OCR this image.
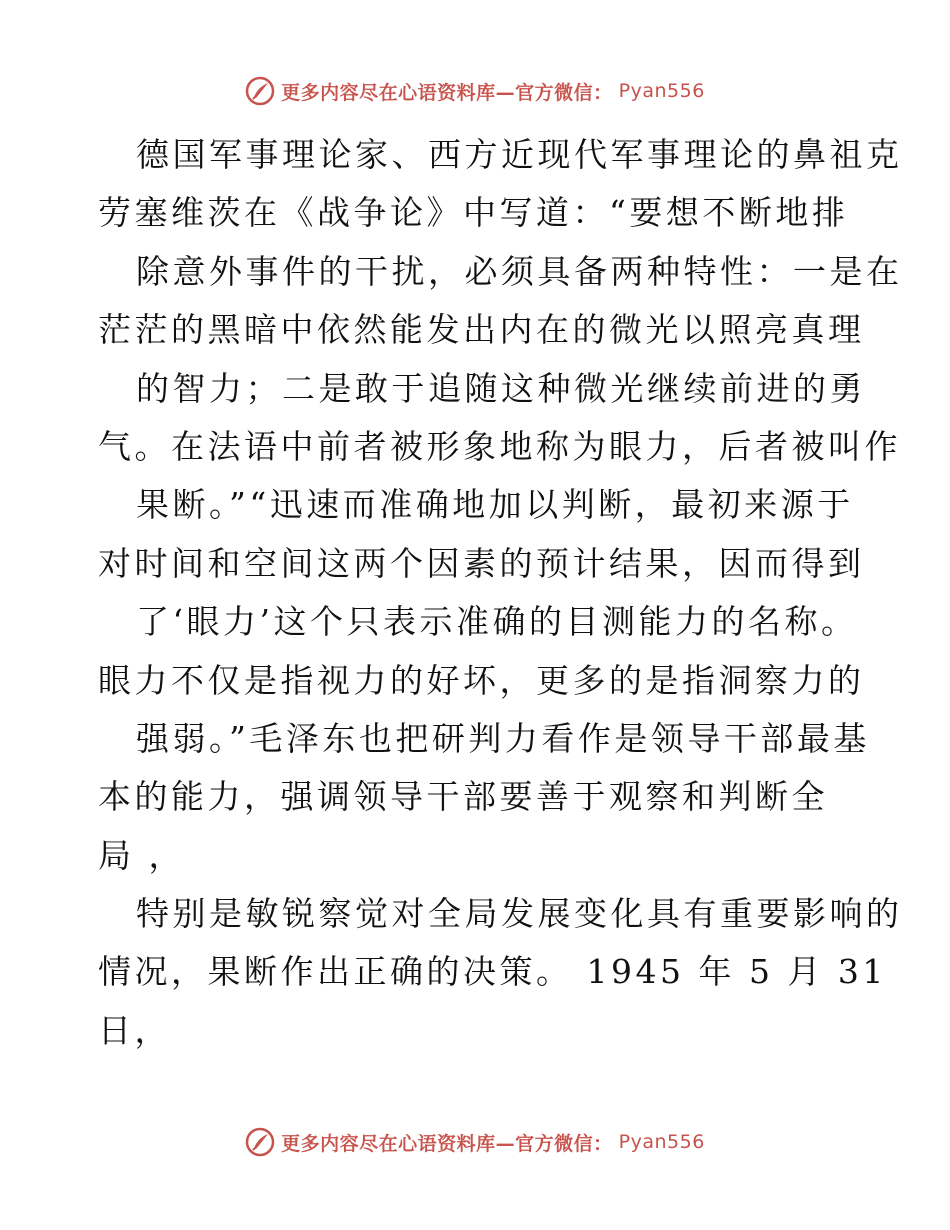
更多内容尽在心语资料库—官方微信： Pyan556
德国军事理论家、西方近现代军事理论的鼻祖克
劳塞维茨在《战争论》中写道：“要想不断地排
除意外事件的干扰，必须具备两种特性：一是在
茫茫的黑暗中依然能发出内在的微光以照亮真理
的智力；二是敢于追随这种微光继续前进的勇
气。在法语中前者被形象地称为眼力，后者被叫作
果断。”“迅速而准确地加以判断，最初来源于
对时间和空间这两个因素的预计结果，因而得到
了‘眼力’这个只表示准确的目测能力的名称。
眼力不仅是指视力的好坏，更多的是指洞察力的
强弱。”毛泽东也把研判力看作是领导干部最基
本的能力，强调领导干部要善于观察和判断全
局 ，
特别是敏锐察觉对全局发展变化具有重要影响的
情况，果断作出正确的决策。 1945 年 5 月 31
日，
更多内容尽在心语资料库—官方微信： Pyan556
